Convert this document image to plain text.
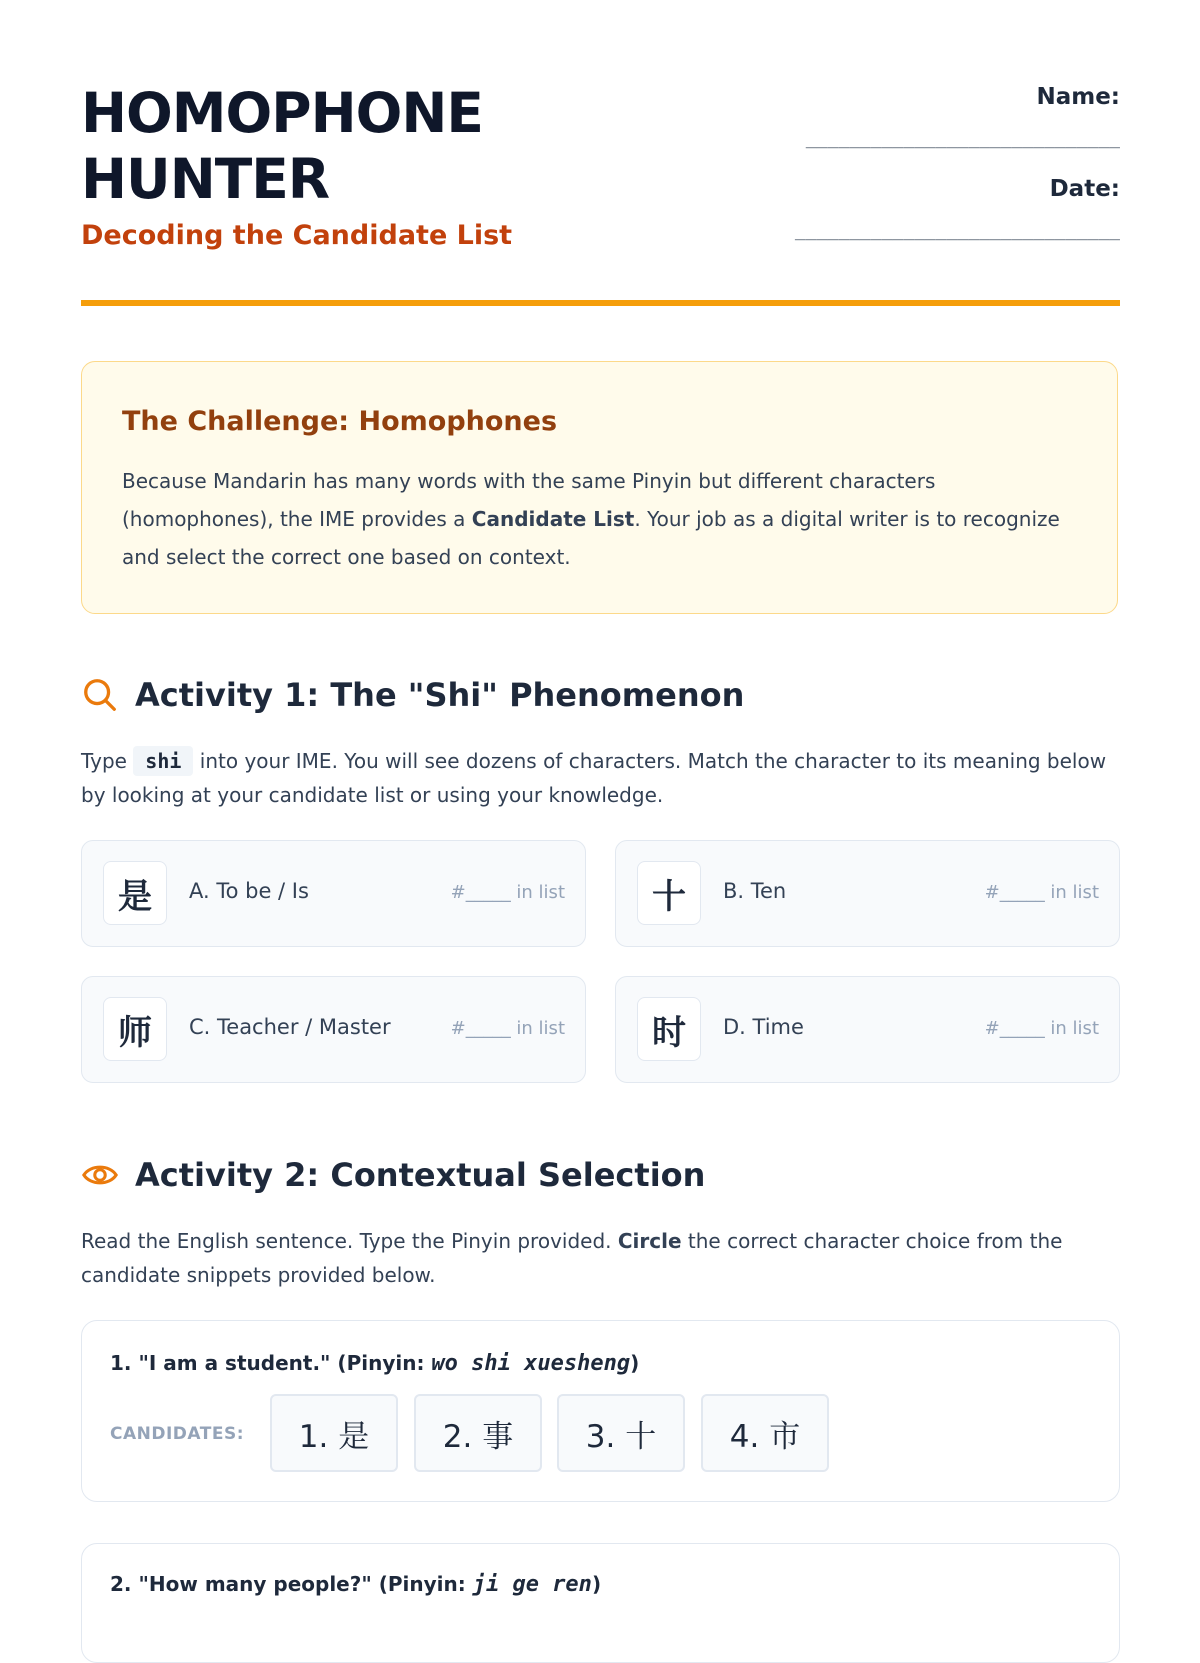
HOMOPHONE HUNTER
Decoding the Candidate List
Name:
_____________________________
Date:
______________________________
The Challenge: Homophones

Because Mandarin has many words with the same Pinyin but different characters (homophones), the IME provides a Candidate List. Your job as a digital writer is to recognize and select the correct one based on context.

Activity 1: The "Shi" Phenomenon

Type shi into your IME. You will see dozens of characters. Match the character to its meaning below by looking at your candidate list or using your knowledge.

是	A. To be / Is	#_____ in list	十	B. Ten	#_____ in list
师	C. Teacher / Master	#_____ in list	时	D. Time	#_____ in list
Activity 2: Contextual Selection

Read the English sentence. Type the Pinyin provided. Circle the correct character choice from the candidate snippets provided below.

1. "I am a student." (Pinyin: wo shi xuesheng)
CANDIDATES:	1. 是	2. 事	3. 十	4. 市
2. "How many people?" (Pinyin: ji ge ren)
